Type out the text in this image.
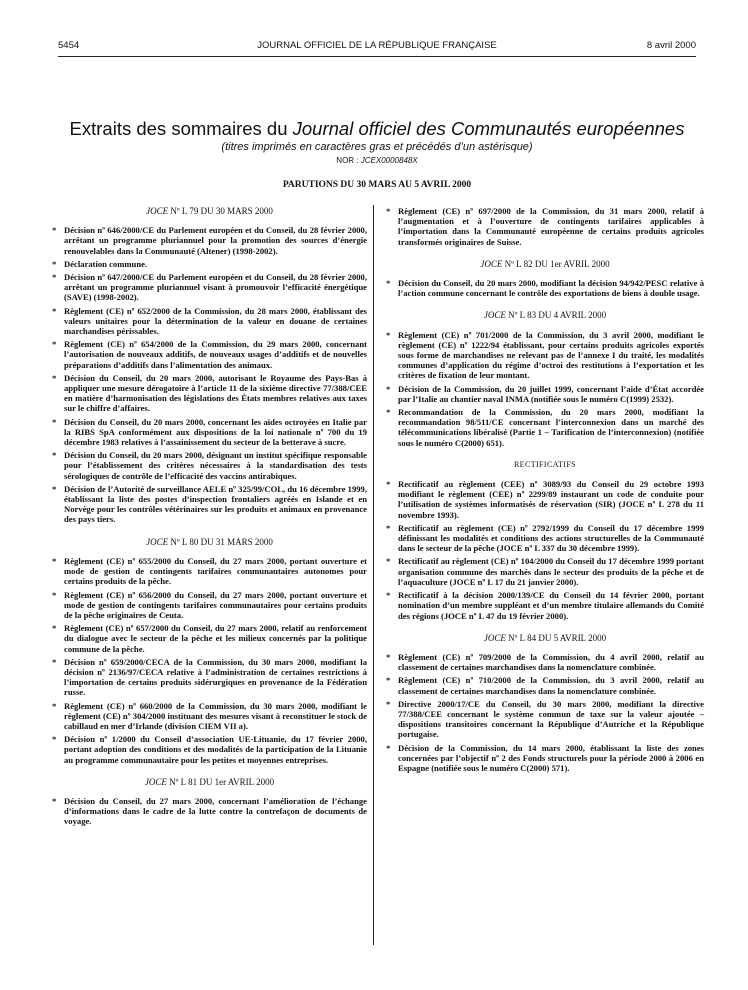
5454	JOURNAL OFFICIEL DE LA RÉPUBLIQUE FRANÇAISE	8 avril 2000
Extraits des sommaires du Journal officiel des Communautés européennes
(titres imprimés en caractères gras et précédés d’un astérisque)
NOR : JCEX0000848X
PARUTIONS DU 30 MARS AU 5 AVRIL 2000
JOCE Nº L 79 DU 30 MARS 2000
* Décision nº 646/2000/CE du Parlement européen et du Conseil, du 28 février 2000, arrêtant un programme pluriannuel pour la promotion des sources d’énergie renouvelables dans la Communauté (Altener) (1998-2002).
* Déclaration commune.
* Décision nº 647/2000/CE du Parlement européen et du Conseil, du 28 février 2000, arrêtant un programme pluriannuel visant à promouvoir l’efficacité énergétique (SAVE) (1998-2002).
* Règlement (CE) nº 652/2000 de la Commission, du 28 mars 2000, établissant des valeurs unitaires pour la détermination de la valeur en douane de certaines marchandises périssables.
* Règlement (CE) nº 654/2000 de la Commission, du 29 mars 2000, concernant l’autorisation de nouveaux additifs, de nouveaux usages d’additifs et de nouvelles préparations d’additifs dans l’alimentation des animaux.
* Décision du Conseil, du 20 mars 2000, autorisant le Royaume des Pays-Bas à appliquer une mesure dérogatoire à l’article 11 de la sixième directive 77/388/CEE en matière d’harmonisation des législations des États membres relatives aux taxes sur le chiffre d’affaires.
* Décision du Conseil, du 20 mars 2000, concernant les aides octroyées en Italie par la RIBS SpA conformément aux dispositions de la loi nationale nº 700 du 19 décembre 1983 relatives à l’assainissement du secteur de la betterave à sucre.
* Décision du Conseil, du 20 mars 2000, désignant un institut spécifique responsable pour l’établissement des critères nécessaires à la standardisation des tests sérologiques de contrôle de l’efficacité des vaccins antirabiques.
* Décision de l’Autorité de surveillance AELE nº 325/99/COL, du 16 décembre 1999, établissant la liste des postes d’inspection frontaliers agréés en Islande et en Norvège pour les contrôles vétérinaires sur les produits et animaux en provenance des pays tiers.
JOCE Nº L 80 DU 31 MARS 2000
* Règlement (CE) nº 655/2000 du Conseil, du 27 mars 2000, portant ouverture et mode de gestion de contingents tarifaires communautaires autonomes pour certains produits de la pêche.
* Règlement (CE) nº 656/2000 du Conseil, du 27 mars 2000, portant ouverture et mode de gestion de contingents tarifaires communautaires pour certains produits de la pêche originaires de Ceuta.
* Règlement (CE) nº 657/2000 du Conseil, du 27 mars 2000, relatif au renforcement du dialogue avec le secteur de la pêche et les milieux concernés par la politique commune de la pêche.
* Décision nº 659/2000/CECA de la Commission, du 30 mars 2000, modifiant la décision nº 2136/97/CECA relative à l’administration de certaines restrictions à l’importation de certains produits sidérurgiques en provenance de la Fédération russe.
* Règlement (CE) nº 660/2000 de la Commission, du 30 mars 2000, modifiant le règlement (CE) nº 304/2000 instituant des mesures visant à reconstituer le stock de cabillaud en mer d’Irlande (division CIEM VII a).
* Décision nº 1/2000 du Conseil d’association UE-Lituanie, du 17 février 2000, portant adoption des conditions et des modalités de la participation de la Lituanie au programme communautaire pour les petites et moyennes entreprises.
JOCE Nº L 81 DU 1er AVRIL 2000
* Décision du Conseil, du 27 mars 2000, concernant l’amélioration de l’échange d’informations dans le cadre de la lutte contre la contrefaçon de documents de voyage.
* Règlement (CE) nº 697/2000 de la Commission, du 31 mars 2000, relatif à l’augmentation et à l’ouverture de contingents tarifaires applicables à l’importation dans la Communauté européenne de certains produits agricoles transformés originaires de Suisse.
JOCE Nº L 82 DU 1er AVRIL 2000
* Décision du Conseil, du 20 mars 2000, modifiant la décision 94/942/PESC relative à l’action commune concernant le contrôle des exportations de biens à double usage.
JOCE Nº L 83 DU 4 AVRIL 2000
* Règlement (CE) nº 701/2000 de la Commission, du 3 avril 2000, modifiant le règlement (CE) nº 1222/94 établissant, pour certains produits agricoles exportés sous forme de marchandises ne relevant pas de l’annexe I du traité, les modalités communes d’application du régime d’octroi des restitutions à l’exportation et les critères de fixation de leur montant.
* Décision de la Commission, du 20 juillet 1999, concernant l’aide d’État accordée par l’Italie au chantier naval INMA (notifiée sous le numéro C(1999) 2532).
* Recommandation de la Commission, du 20 mars 2000, modifiant la recommandation 98/511/CE concernant l’interconnexion dans un marché des télécommunications libéralisé (Partie 1 – Tarification de l’interconnexion) (notifiée sous le numéro C(2000) 651).
RECTIFICATIFS
* Rectificatif au règlement (CEE) nº 3089/93 du Conseil du 29 octobre 1993 modifiant le règlement (CEE) nº 2299/89 instaurant un code de conduite pour l’utilisation de systèmes informatisés de réservation (SIR) (JOCE nº L 278 du 11 novembre 1993).
* Rectificatif au règlement (CE) nº 2792/1999 du Conseil du 17 décembre 1999 définissant les modalités et conditions des actions structurelles de la Communauté dans le secteur de la pêche (JOCE nº L 337 du 30 décembre 1999).
* Rectificatif au règlement (CE) nº 104/2000 du Conseil du 17 décembre 1999 portant organisation commune des marchés dans le secteur des produits de la pêche et de l’aquaculture (JOCE nº L 17 du 21 janvier 2000).
* Rectificatif à la décision 2000/139/CE du Conseil du 14 février 2000, portant nomination d’un membre suppléant et d’un membre titulaire allemands du Comité des régions (JOCE nº L 47 du 19 février 2000).
JOCE Nº L 84 DU 5 AVRIL 2000
* Règlement (CE) nº 709/2000 de la Commission, du 4 avril 2000, relatif au classement de certaines marchandises dans la nomenclature combinée.
* Règlement (CE) nº 710/2000 de la Commission, du 3 avril 2000, relatif au classement de certaines marchandises dans la nomenclature combinée.
* Directive 2000/17/CE du Conseil, du 30 mars 2000, modifiant la directive 77/388/CEE concernant le système commun de taxe sur la valeur ajoutée – dispositions transitoires concernant la République d’Autriche et la République portugaise.
* Décision de la Commission, du 14 mars 2000, établissant la liste des zones concernées par l’objectif nº 2 des Fonds structurels pour la période 2000 à 2006 en Espagne (notifiée sous le numéro C(2000) 571).
